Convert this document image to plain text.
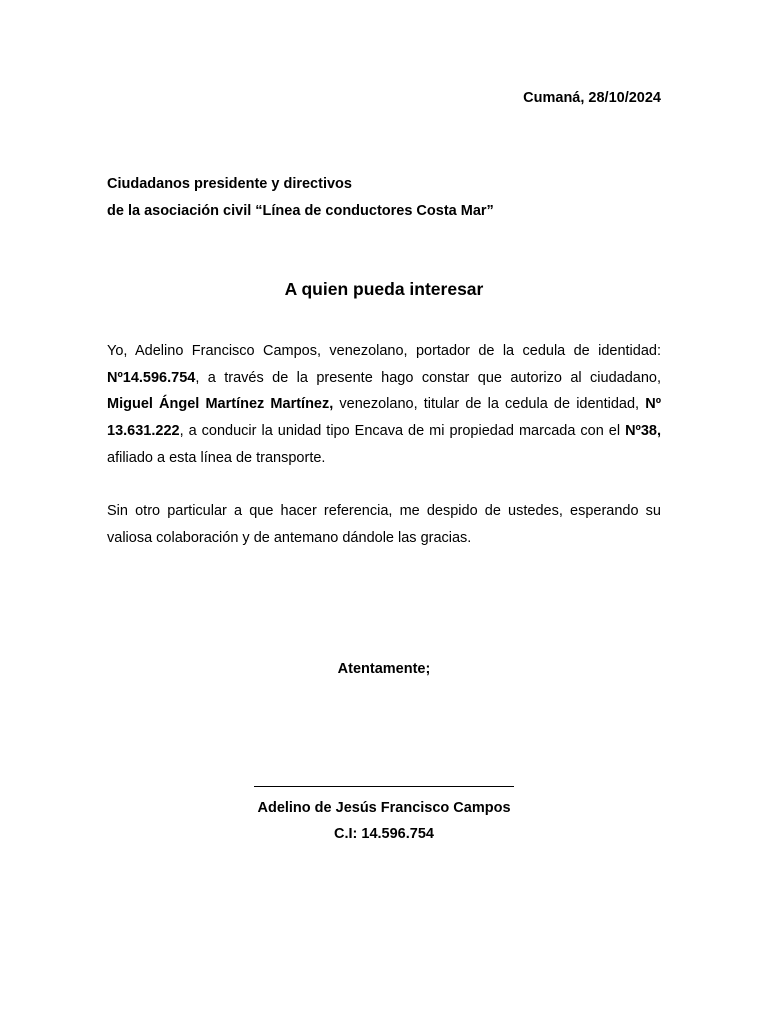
Cumaná, 28/10/2024
Ciudadanos presidente y directivos
de la asociación civil “Línea de conductores Costa Mar”
A quien pueda interesar
Yo, Adelino Francisco Campos, venezolano, portador de la cedula de identidad: Nº14.596.754, a través de la presente hago constar que autorizo al ciudadano, Miguel Ángel Martínez Martínez, venezolano, titular de la cedula de identidad, Nº 13.631.222, a conducir la unidad tipo Encava de mi propiedad marcada con el Nº38, afiliado a esta línea de transporte.
Sin otro particular a que hacer referencia, me despido de ustedes, esperando su valiosa colaboración y de antemano dándole las gracias.
Atentamente;
Adelino de Jesús Francisco Campos
C.I: 14.596.754
